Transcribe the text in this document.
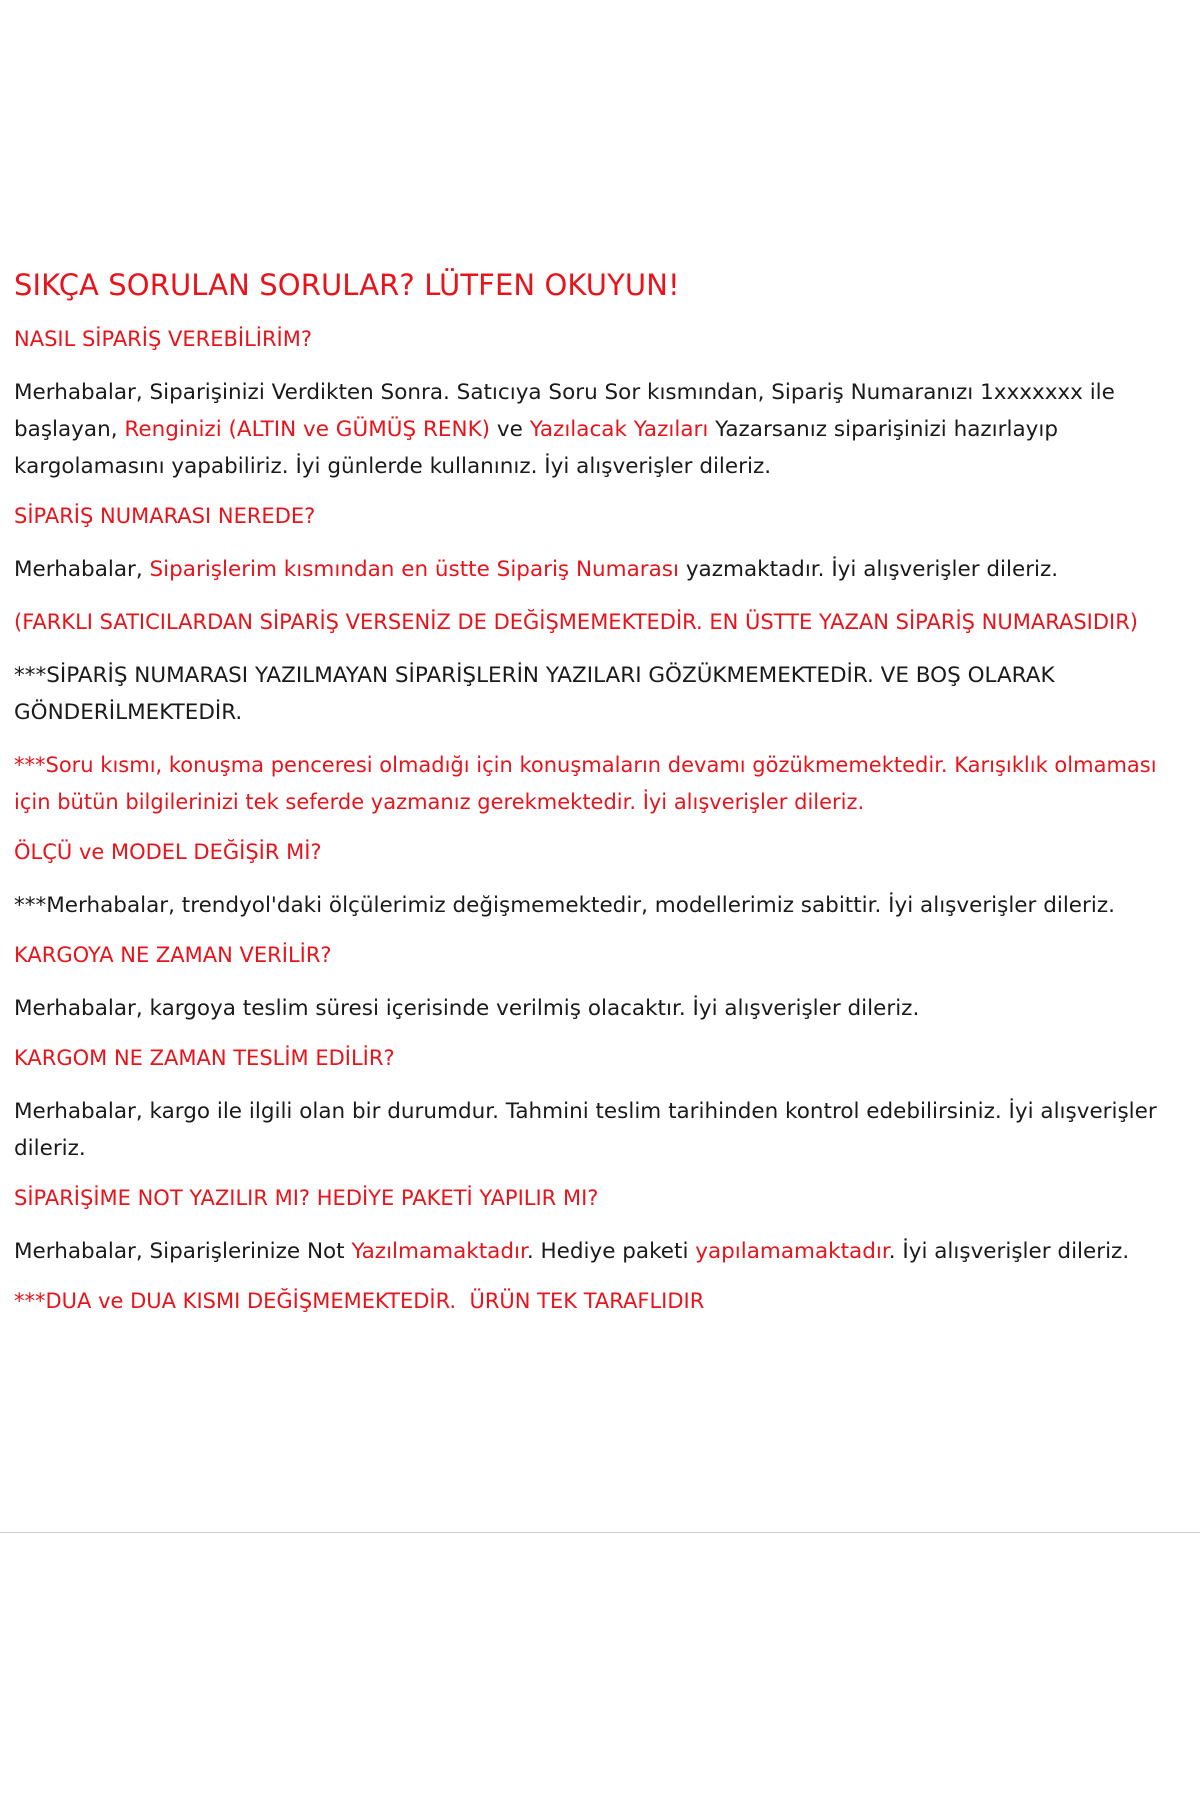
SIKÇA SORULAN SORULAR? LÜTFEN OKUYUN!
NASIL SİPARİŞ VEREBİLİRİM?
Merhabalar, Siparişinizi Verdikten Sonra. Satıcıya Soru Sor kısmından, Sipariş Numaranızı 1xxxxxxx ile başlayan, Renginizi (ALTIN ve GÜMÜŞ RENK) ve Yazılacak Yazıları Yazarsanız siparişinizi hazırlayıp kargolamasını yapabiliriz. İyi günlerde kullanınız. İyi alışverişler dileriz.
SİPARİŞ NUMARASI NEREDE?
Merhabalar, Siparişlerim kısmından en üstte Sipariş Numarası yazmaktadır. İyi alışverişler dileriz.
(FARKLI SATICILARDAN SİPARİŞ VERSENİZ DE DEĞİŞMEMEKTEDİR. EN ÜSTTE YAZAN SİPARİŞ NUMARASIDIR)
***SİPARİŞ NUMARASI YAZILMAYAN SİPARİŞLERİN YAZILARI GÖZÜKMEMEKTEDİR. VE BOŞ OLARAK GÖNDERİLMEKTEDİR.
***Soru kısmı, konuşma penceresi olmadığı için konuşmaların devamı gözükmemektedir. Karışıklık olmaması için bütün bilgilerinizi tek seferde yazmanız gerekmektedir. İyi alışverişler dileriz.
ÖLÇÜ ve MODEL DEĞİŞİR Mİ?
***Merhabalar, trendyol'daki ölçülerimiz değişmemektedir, modellerimiz sabittir. İyi alışverişler dileriz.
KARGOYA NE ZAMAN VERİLİR?
Merhabalar, kargoya teslim süresi içerisinde verilmiş olacaktır. İyi alışverişler dileriz.
KARGOM NE ZAMAN TESLİM EDİLİR?
Merhabalar, kargo ile ilgili olan bir durumdur. Tahmini teslim tarihinden kontrol edebilirsiniz. İyi alışverişler dileriz.
SİPARİŞİME NOT YAZILIR MI? HEDİYE PAKETİ YAPILIR MI?
Merhabalar, Siparişlerinize Not Yazılmamaktadır. Hediye paketi yapılamamaktadır. İyi alışverişler dileriz.
***DUA ve DUA KISMI DEĞİŞMEMEKTEDİR.  ÜRÜN TEK TARAFLIDIR
